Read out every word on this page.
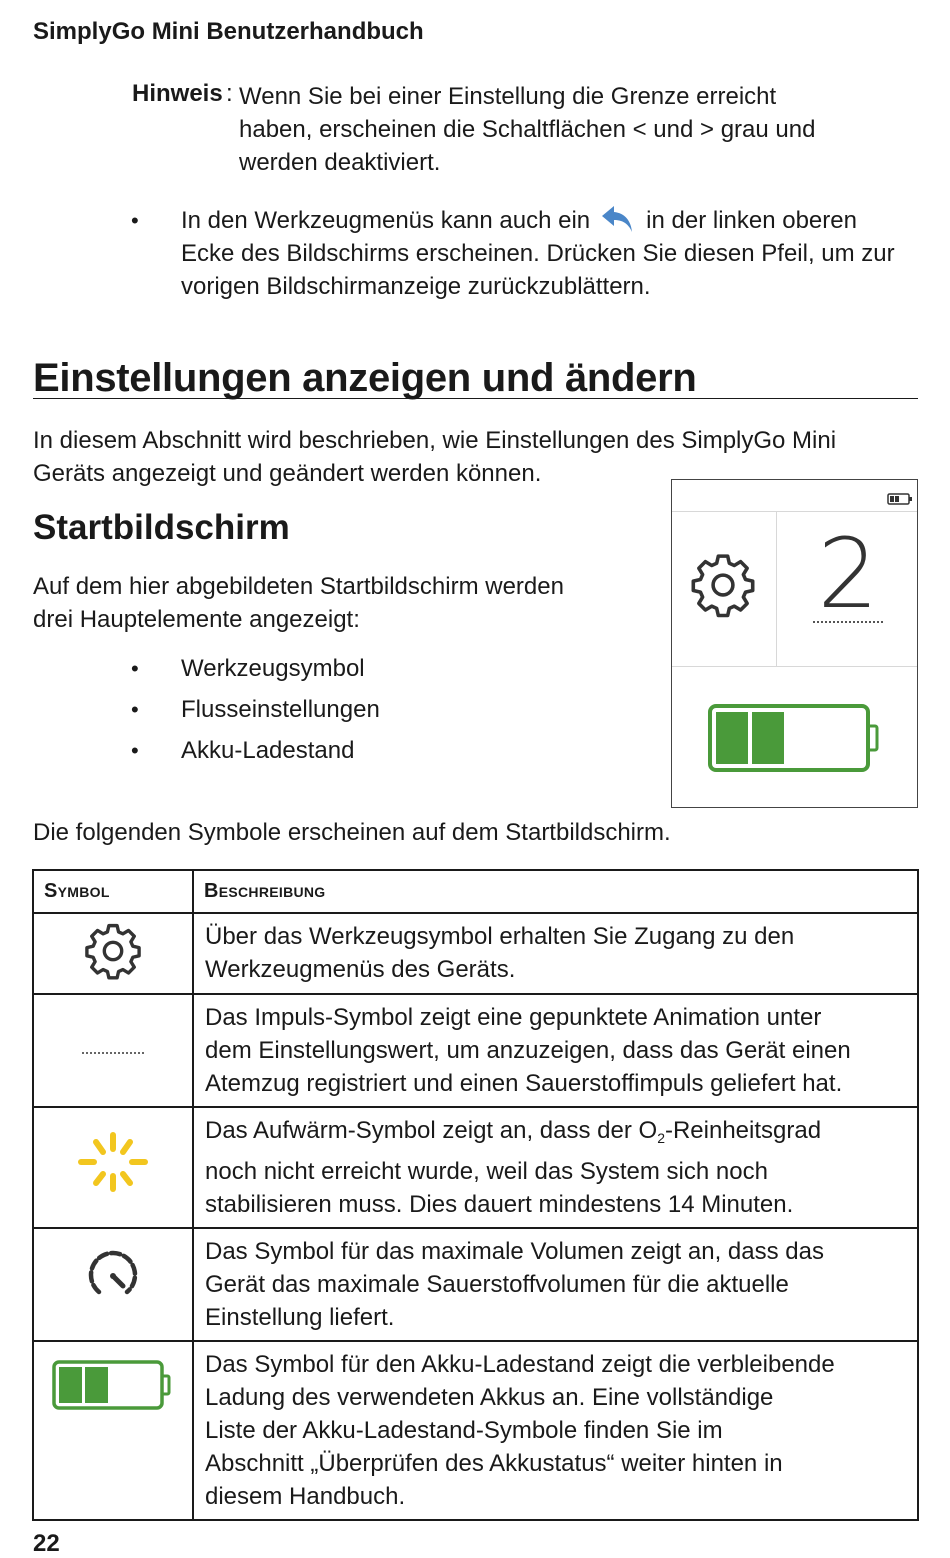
SimplyGo Mini Benutzerhandbuch
Hinweis : Wenn Sie bei einer Einstellung die Grenze erreicht
haben, erscheinen die Schaltflächen < und > grau und
werden deaktiviert.
• In den Werkzeugmenüs kann auch ein in der linken oberen
Ecke des Bildschirms erscheinen. Drücken Sie diesen Pfeil, um zur
vorigen Bildschirmanzeige zurückzublättern.
Einstellungen anzeigen und ändern
In diesem Abschnitt wird beschrieben, wie Einstellungen des SimplyGo Mini
Geräts angezeigt und geändert werden können.
Startbildschirm
Auf dem hier abgebildeten Startbildschirm werden
drei Hauptelemente angezeigt:
• Werkzeugsymbol
• Flusseinstellungen
• Akku-Ladestand
2
Die folgenden Symbole erscheinen auf dem Startbildschirm.
Symbol	Beschreibung

Über das Werkzeugsymbol erhalten Sie Zugang zu den
Werkzeugmenüs des Geräts.

Das Impuls-Symbol zeigt eine gepunktete Animation unter
dem Einstellungswert, um anzuzeigen, dass das Gerät einen
Atemzug registriert und einen Sauerstoffimpuls geliefert hat.

Das Aufwärm-Symbol zeigt an, dass der $O_2$-Reinheitsgrad
noch nicht erreicht wurde, weil das System sich noch
stabilisieren muss. Dies dauert mindestens 14 Minuten.

Das Symbol für das maximale Volumen zeigt an, dass das
Gerät das maximale Sauerstoffvolumen für die aktuelle
Einstellung liefert.

Das Symbol für den Akku-Ladestand zeigt die verbleibende
Ladung des verwendeten Akkus an. Eine vollständige
Liste der Akku-Ladestand-Symbole finden Sie im
Abschnitt „Überprüfen des Akkustatus“ weiter hinten in
diesem Handbuch.
22
